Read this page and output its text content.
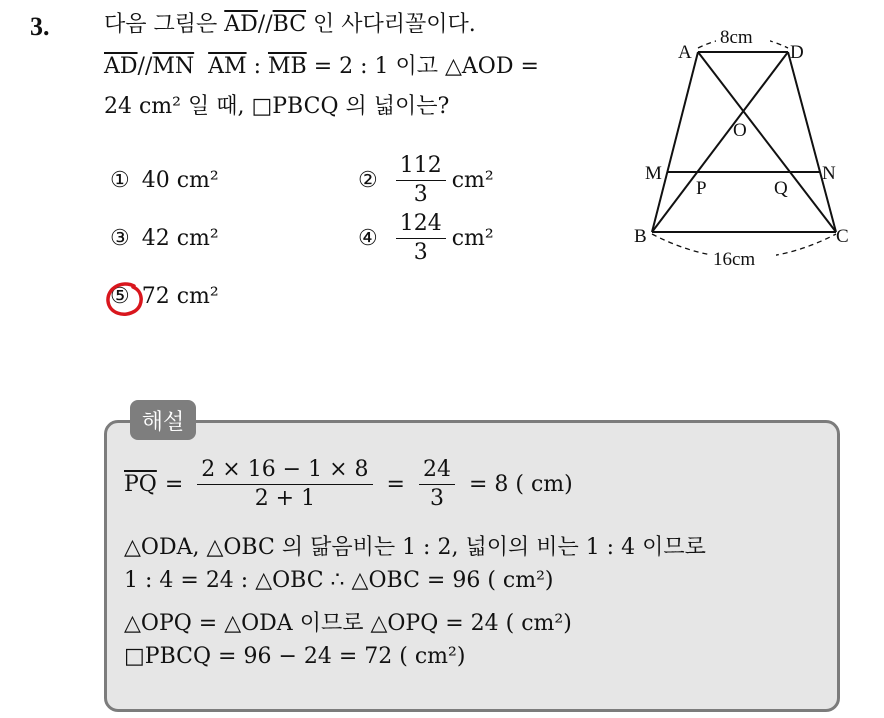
3. 다음 그림은 $\overline{AD}//\overline{BC}$ 인 사다리꼴이다.
$\overline{AD}//\overline{MN}$ $\overline{AM}$ : $\overline{MB} = 2$ : 1 이고 △AOD =
24 cm² 일 때, □PBCQ 의 넓이는?
① 40 cm²	② $\frac{112}{3} cm^2$
③ 42 cm²	④ $\frac{124}{3} cm^2$
⑤ 72 cm²
8cm
16cm
A	D
O
M	N
P	Q
B	C
해설
$\overline{PQ} = \frac{2 \times 16 - 1 \times 8}{2 + 1} = \frac{24}{3} = 8$ ( cm)
△ODA, △OBC 의 닮음비는 1 : 2, 넓이의 비는 1 : 4 이므로
1 : 4 = 24 : △OBC ∴ △OBC = 96 ( cm²)
△OPQ = △ODA 이므로 △OPQ = 24 ( cm²)
□PBCQ = 96 − 24 = 72 ( cm²)
